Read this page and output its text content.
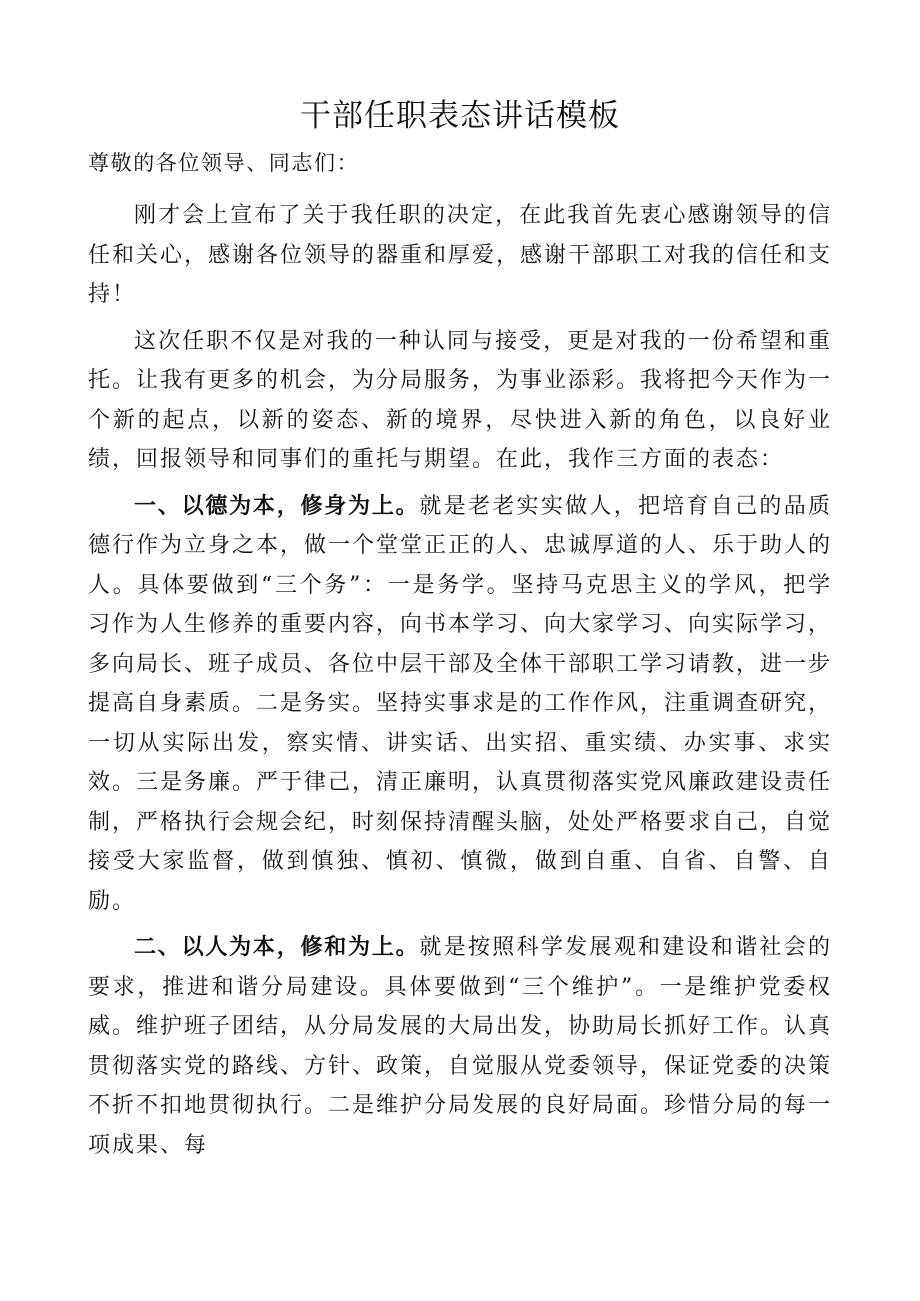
干部任职表态讲话模板
尊敬的各位领导、同志们：

刚才会上宣布了关于我任职的决定，在此我首先衷心感谢领导的信任和关心，感谢各位领导的器重和厚爱，感谢干部职工对我的信任和支持！

这次任职不仅是对我的一种认同与接受，更是对我的一份希望和重托。让我有更多的机会，为分局服务，为事业添彩。我将把今天作为一个新的起点，以新的姿态、新的境界，尽快进入新的角色，以良好业绩，回报领导和同事们的重托与期望。在此，我作三方面的表态：

一、以德为本，修身为上。就是老老实实做人，把培育自己的品质德行作为立身之本，做一个堂堂正正的人、忠诚厚道的人、乐于助人的人。具体要做到“三个务”：一是务学。坚持马克思主义的学风，把学习作为人生修养的重要内容，向书本学习、向大家学习、向实际学习，多向局长、班子成员、各位中层干部及全体干部职工学习请教，进一步提高自身素质。二是务实。坚持实事求是的工作作风，注重调查研究，一切从实际出发，察实情、讲实话、出实招、重实绩、办实事、求实效。三是务廉。严于律己，清正廉明，认真贯彻落实党风廉政建设责任制，严格执行会规会纪，时刻保持清醒头脑，处处严格要求自己，自觉接受大家监督，做到慎独、慎初、慎微，做到自重、自省、自警、自励。

二、以人为本，修和为上。就是按照科学发展观和建设和谐社会的要求，推进和谐分局建设。具体要做到“三个维护”。一是维护党委权威。维护班子团结，从分局发展的大局出发，协助局长抓好工作。认真贯彻落实党的路线、方针、政策，自觉服从党委领导，保证党委的决策不折不扣地贯彻执行。二是维护分局发展的良好局面。珍惜分局的每一项成果、每
